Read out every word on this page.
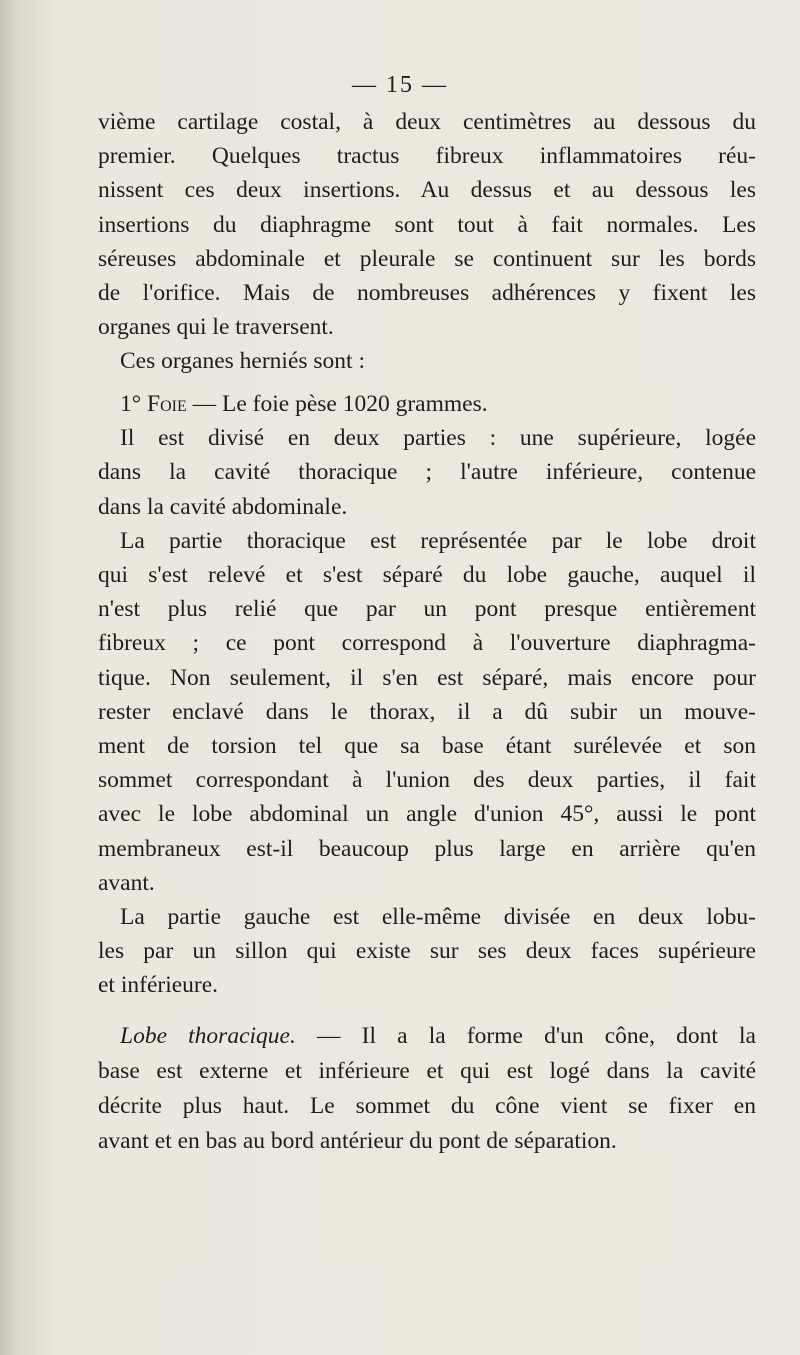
— 15 —
vième cartilage costal, à deux centimètres au dessous du
premier. Quelques tractus fibreux inflammatoires réu-
nissent ces deux insertions. Au dessus et au dessous les
insertions du diaphragme sont tout à fait normales. Les
séreuses abdominale et pleurale se continuent sur les bords
de l'orifice. Mais de nombreuses adhérences y fixent les
organes qui le traversent.
Ces organes herniés sont :
1° Foie — Le foie pèse 1020 grammes.
Il est divisé en deux parties : une supérieure, logée
dans la cavité thoracique ; l'autre inférieure, contenue
dans la cavité abdominale.
La partie thoracique est représentée par le lobe droit
qui s'est relevé et s'est séparé du lobe gauche, auquel il
n'est plus relié que par un pont presque entièrement
fibreux ; ce pont correspond à l'ouverture diaphragma-
tique. Non seulement, il s'en est séparé, mais encore pour
rester enclavé dans le thorax, il a dû subir un mouve-
ment de torsion tel que sa base étant surélevée et son
sommet correspondant à l'union des deux parties, il fait
avec le lobe abdominal un angle d'union 45°, aussi le pont
membraneux est-il beaucoup plus large en arrière qu'en
avant.
La partie gauche est elle-même divisée en deux lobu-
les par un sillon qui existe sur ses deux faces supérieure
et inférieure.
Lobe thoracique. — Il a la forme d'un cône, dont la
base est externe et inférieure et qui est logé dans la cavité
décrite plus haut. Le sommet du cône vient se fixer en
avant et en bas au bord antérieur du pont de séparation.
